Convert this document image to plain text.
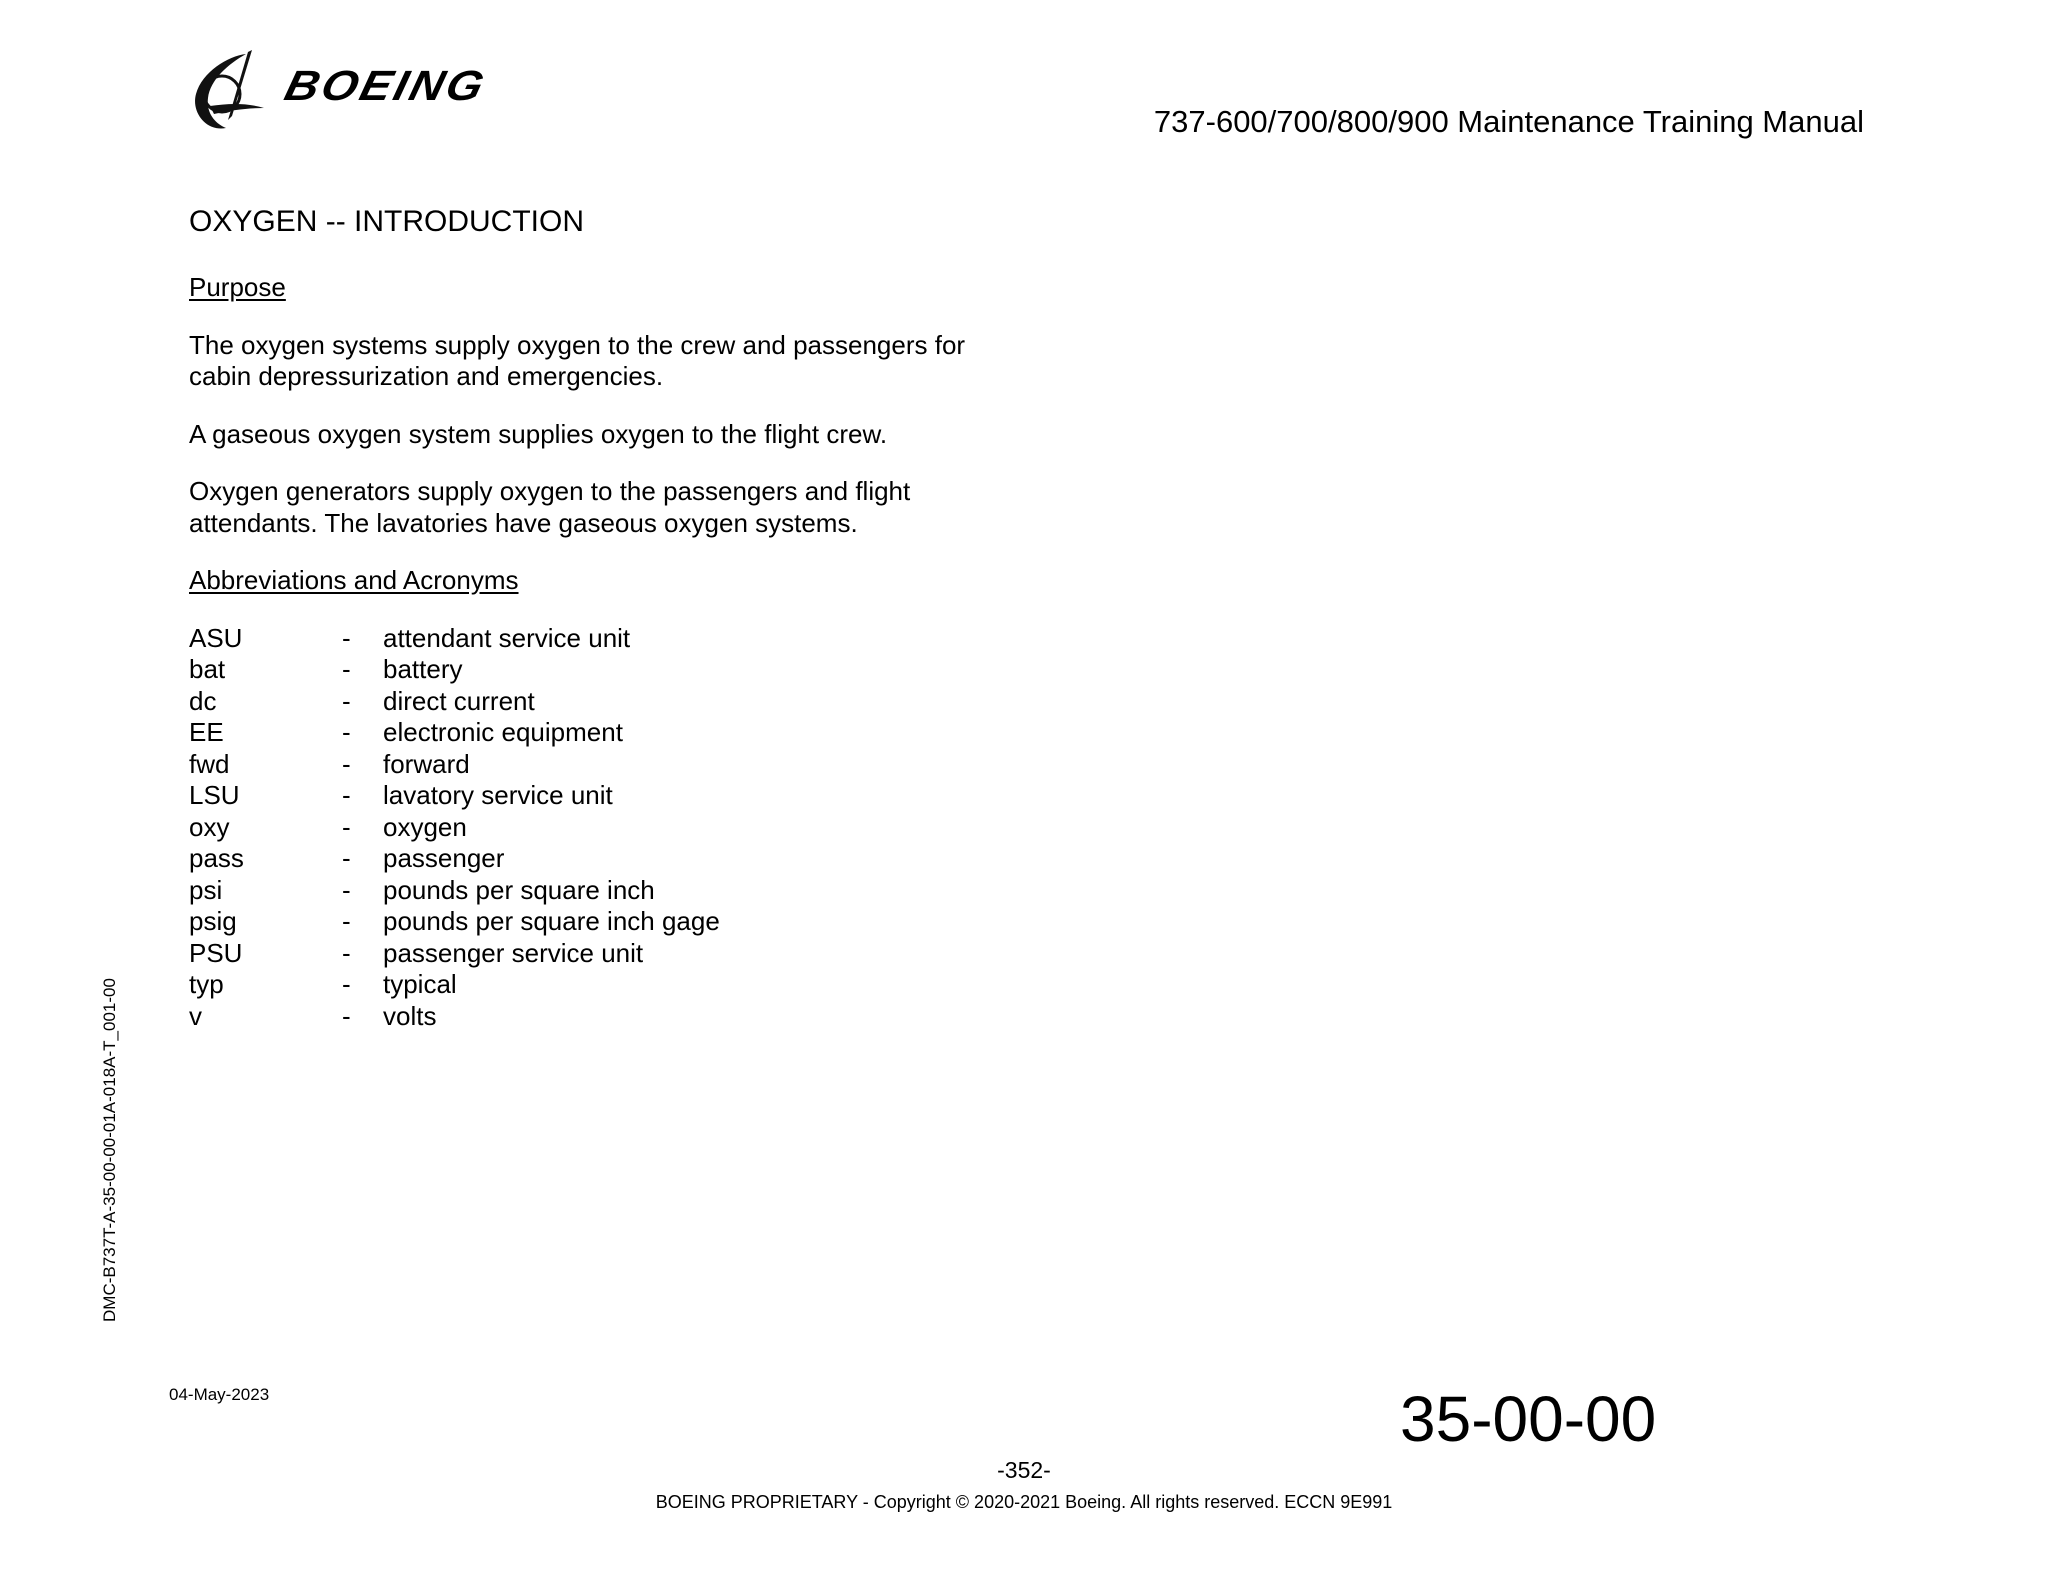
BOEING
737-600/700/800/900 Maintenance Training Manual
OXYGEN -- INTRODUCTION
Purpose
The oxygen systems supply oxygen to the crew and passengers for cabin depressurization and emergencies.
A gaseous oxygen system supplies oxygen to the flight crew.
Oxygen generators supply oxygen to the passengers and flight attendants. The lavatories have gaseous oxygen systems.
Abbreviations and Acronyms
ASU	-	attendant service unit
bat	-	battery
dc	-	direct current
EE	-	electronic equipment
fwd	-	forward
LSU	-	lavatory service unit
oxy	-	oxygen
pass	-	passenger
psi	-	pounds per square inch
psig	-	pounds per square inch gage
PSU	-	passenger service unit
typ	-	typical
v	-	volts
DMC-B737T-A-35-00-00-01A-018A-T_001-00
04-May-2023	35-00-00
-352-
BOEING PROPRIETARY - Copyright © 2020-2021 Boeing. All rights reserved. ECCN 9E991
